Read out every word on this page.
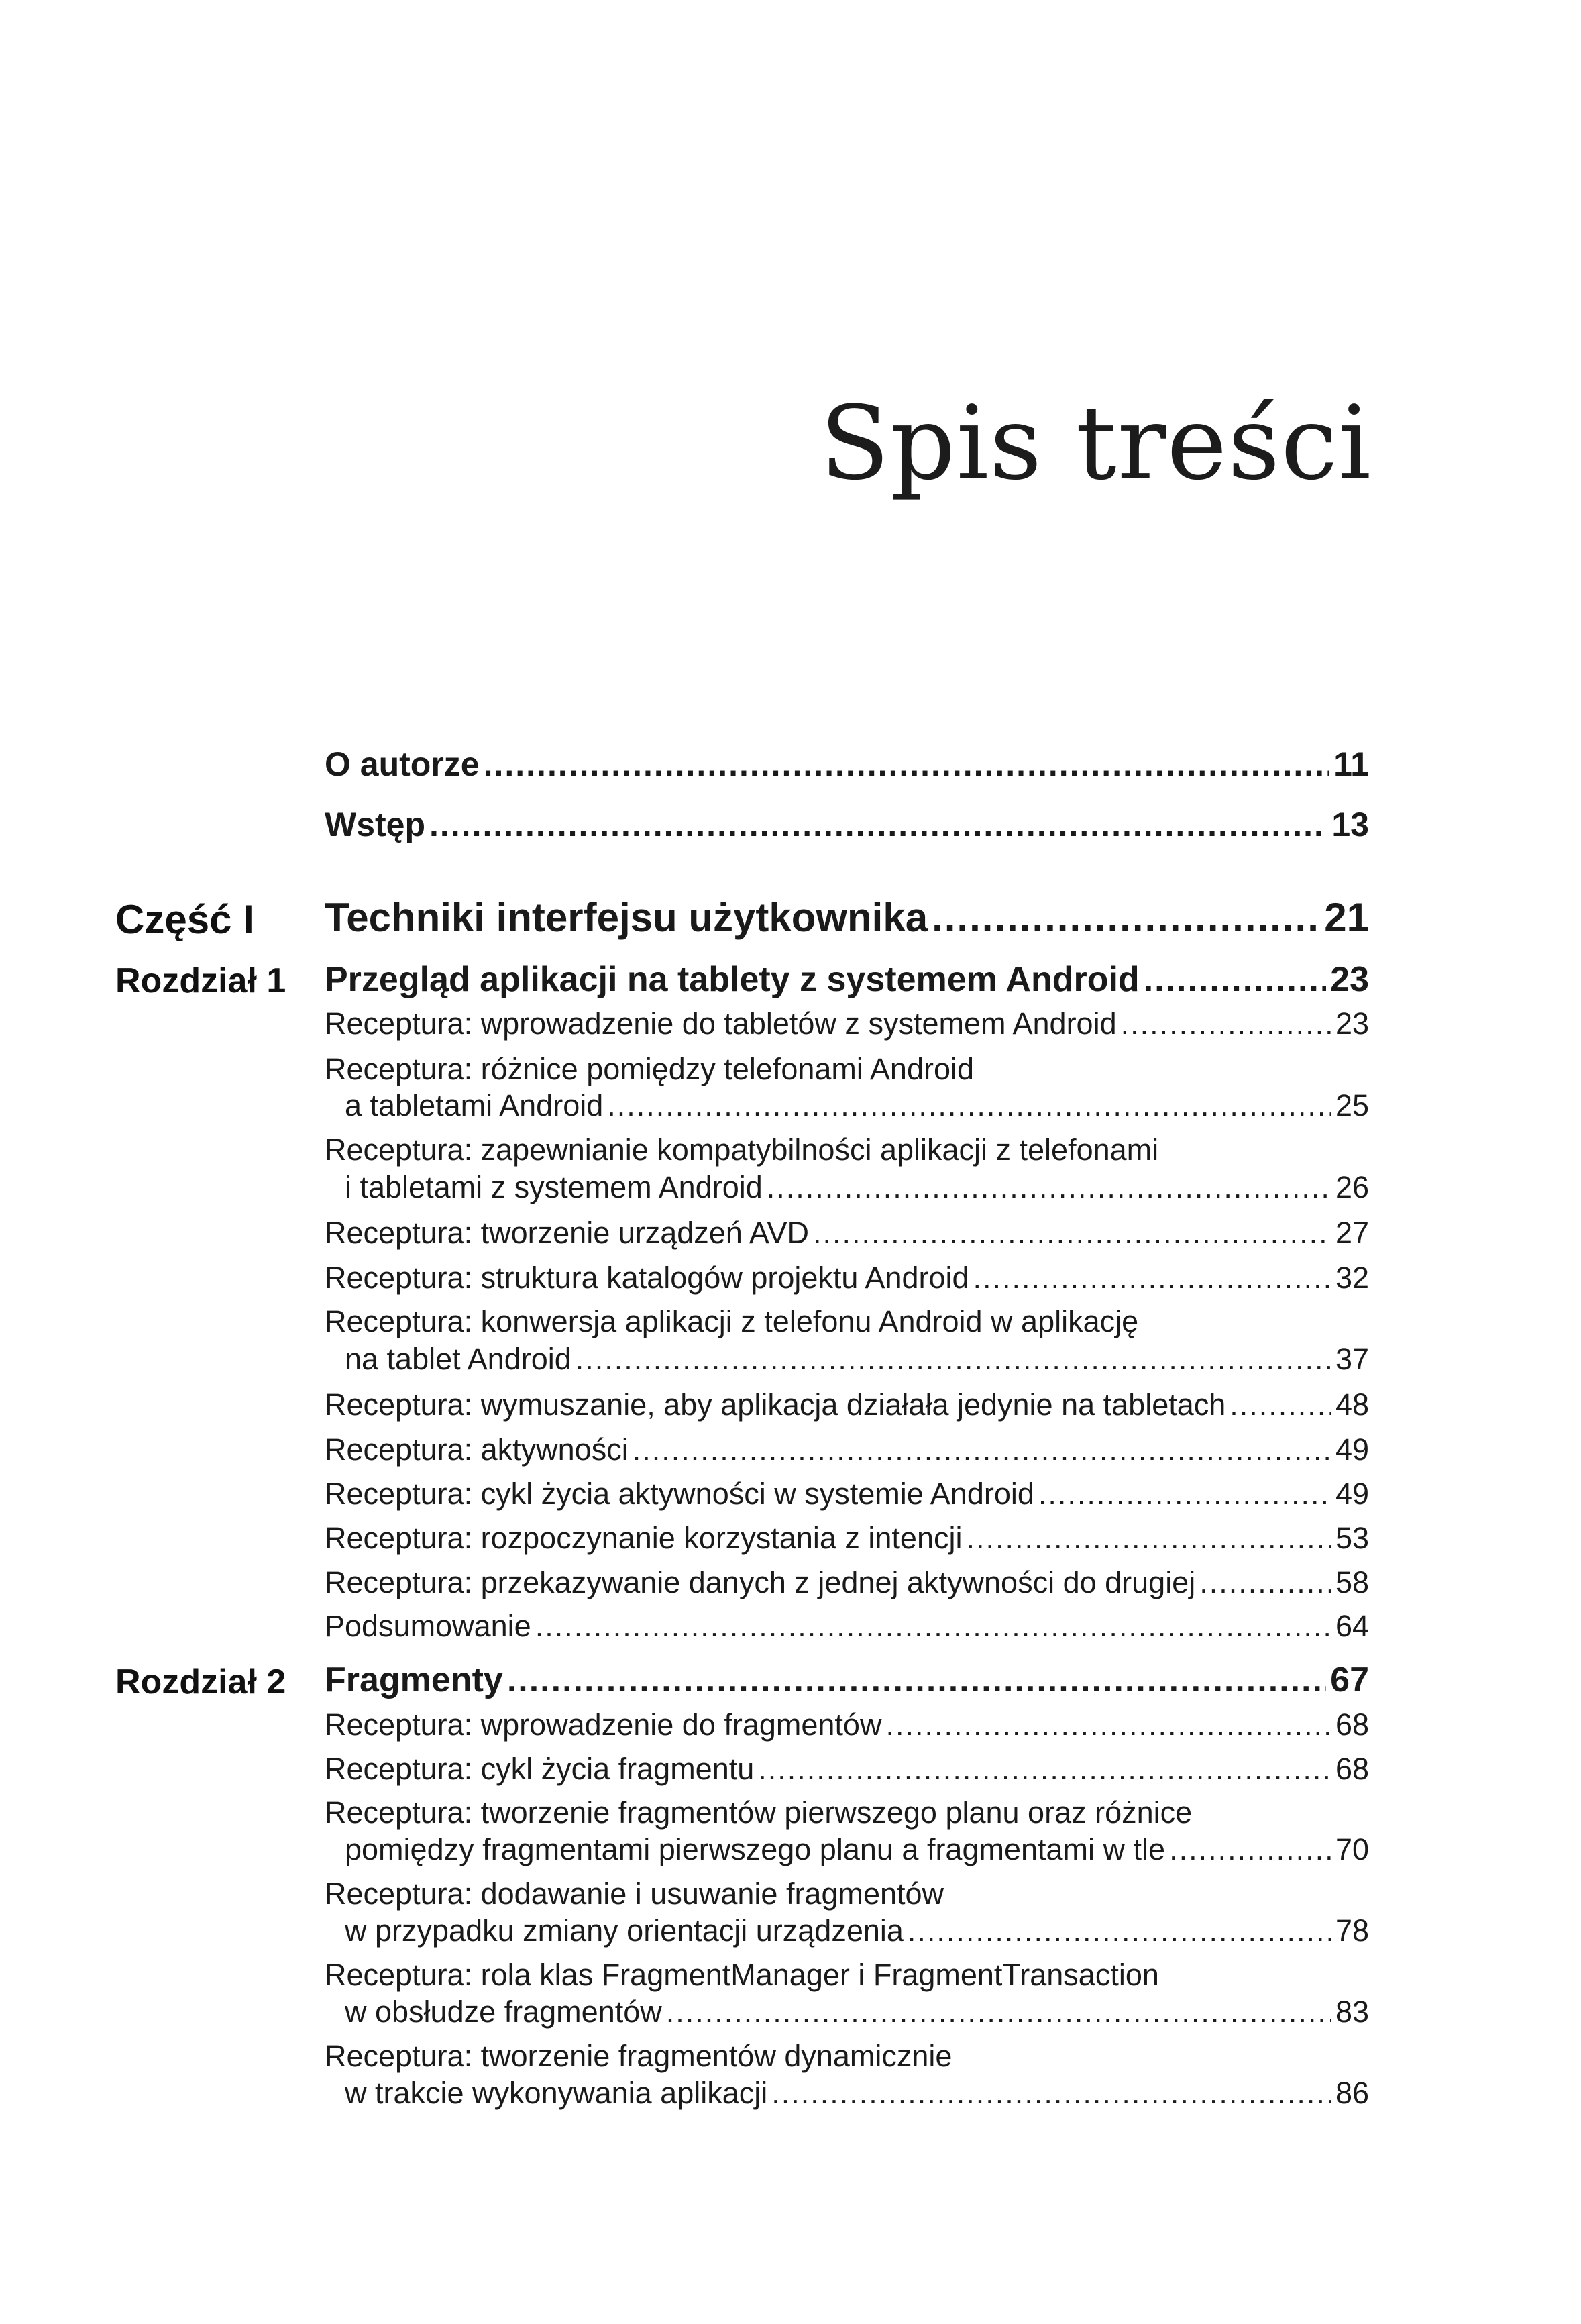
Spis treści
O autorze .....	11
Wstęp .....	13
Część I Techniki interfejsu użytkownika .....	21
Rozdział 1 Przegląd aplikacji na tablety z systemem Android .....	23
Receptura: wprowadzenie do tabletów z systemem Android .....	23
Receptura: różnice pomiędzy telefonami Android
a tabletami Android .....	25
Receptura: zapewnianie kompatybilności aplikacji z telefonami
i tabletami z systemem Android .....	26
Receptura: tworzenie urządzeń AVD .....	27
Receptura: struktura katalogów projektu Android .....	32
Receptura: konwersja aplikacji z telefonu Android w aplikację
na tablet Android .....	37
Receptura: wymuszanie, aby aplikacja działała jedynie na tabletach .....	48
Receptura: aktywności .....	49
Receptura: cykl życia aktywności w systemie Android .....	49
Receptura: rozpoczynanie korzystania z intencji .....	53
Receptura: przekazywanie danych z jednej aktywności do drugiej .....	58
Podsumowanie .....	64
Rozdział 2 Fragmenty .....	67
Receptura: wprowadzenie do fragmentów .....	68
Receptura: cykl życia fragmentu .....	68
Receptura: tworzenie fragmentów pierwszego planu oraz różnice
pomiędzy fragmentami pierwszego planu a fragmentami w tle .....	70
Receptura: dodawanie i usuwanie fragmentów
w przypadku zmiany orientacji urządzenia .....	78
Receptura: rola klas FragmentManager i FragmentTransaction
w obsłudze fragmentów .....	83
Receptura: tworzenie fragmentów dynamicznie
w trakcie wykonywania aplikacji .....	86
